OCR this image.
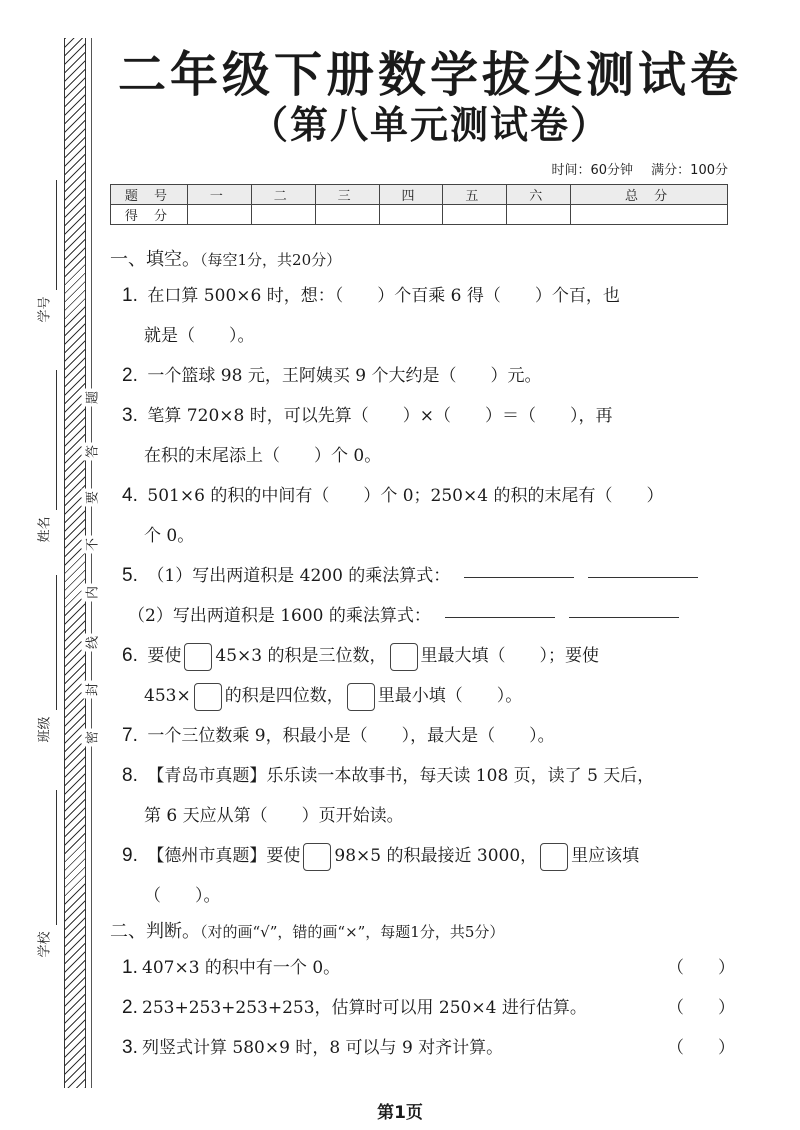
学号
姓名
班级
学校
题
答
要
不
内
线
封
密
二年级下册数学拔尖测试卷
（第八单元测试卷）
时间：60分钟 满分：100分
题 号	一	二	三	四	五	六	总 分
得 分							

一、填空。（每空1分，共20分）

1. 在口算 500×6 时，想：（　　）个百乘 6 得（　　）个百，也
就是（　　）。

2. 一个篮球 98 元，王阿姨买 9 个大约是（　　）元。

3. 笔算 720×8 时，可以先算（　　）×（　　）＝（　　），再
在积的末尾添上（　　）个 0。

4. 501×6 的积的中间有（　　）个 0；250×4 的积的末尾有（　　）
个 0。

5. （1）写出两道积是 4200 的乘法算式：
（2）写出两道积是 1600 的乘法算式：

6. 要使 45×3 的积是三位数， 里最大填（　　）；要使
453× 的积是四位数， 里最小填（　　）。

7. 一个三位数乘 9，积最小是（　　），最大是（　　）。

8. 【青岛市真题】乐乐读一本故事书，每天读 108 页，读了 5 天后，
第 6 天应从第（　　）页开始读。

9. 【德州市真题】要使 98×5 的积最接近 3000， 里应该填
（　　）。

二、判断。（对的画“√”，错的画“×”，每题1分，共5分）

1. 407×3 的积中有一个 0。	（　　）

2. 253+253+253+253，估算时可以用 250×4 进行估算。	（　　）

3. 列竖式计算 580×9 时，8 可以与 9 对齐计算。	（　　）

第1页
